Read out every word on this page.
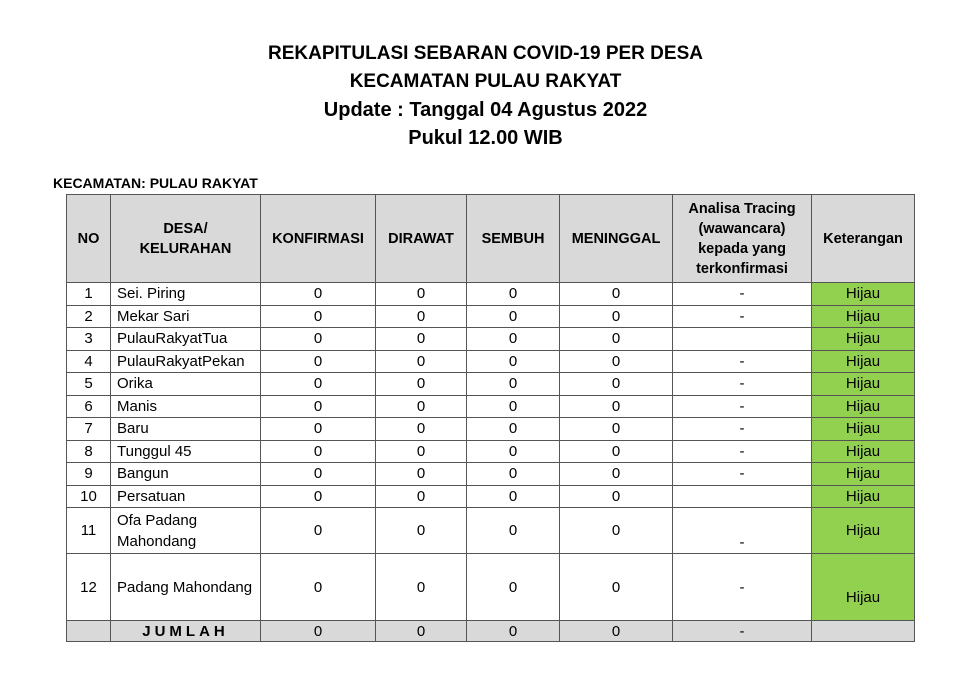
REKAPITULASI SEBARAN COVID-19 PER DESA
KECAMATAN PULAU RAKYAT
Update : Tanggal 04 Agustus 2022
Pukul 12.00 WIB
KECAMATAN: PULAU RAKYAT
NO	DESA/ KELURAHAN	KONFIRMASI	DIRAWAT	SEMBUH	MENINGGAL	Analisa Tracing (wawancara) kepada yang terkonfirmasi	Keterangan
1	Sei. Piring	0	0	0	0	-	Hijau
2	Mekar Sari	0	0	0	0	-	Hijau
3	PulauRakyatTua	0	0	0	0		Hijau
4	PulauRakyatPekan	0	0	0	0	-	Hijau
5	Orika	0	0	0	0	-	Hijau
6	Manis	0	0	0	0	-	Hijau
7	Baru	0	0	0	0	-	Hijau
8	Tunggul 45	0	0	0	0	-	Hijau
9	Bangun	0	0	0	0	-	Hijau
10	Persatuan	0	0	0	0		Hijau
11	Ofa Padang Mahondang	0	0	0	0	-	Hijau
12	Padang Mahondang	0	0	0	0	-	Hijau
	JUMLAH	0	0	0	0	-	
